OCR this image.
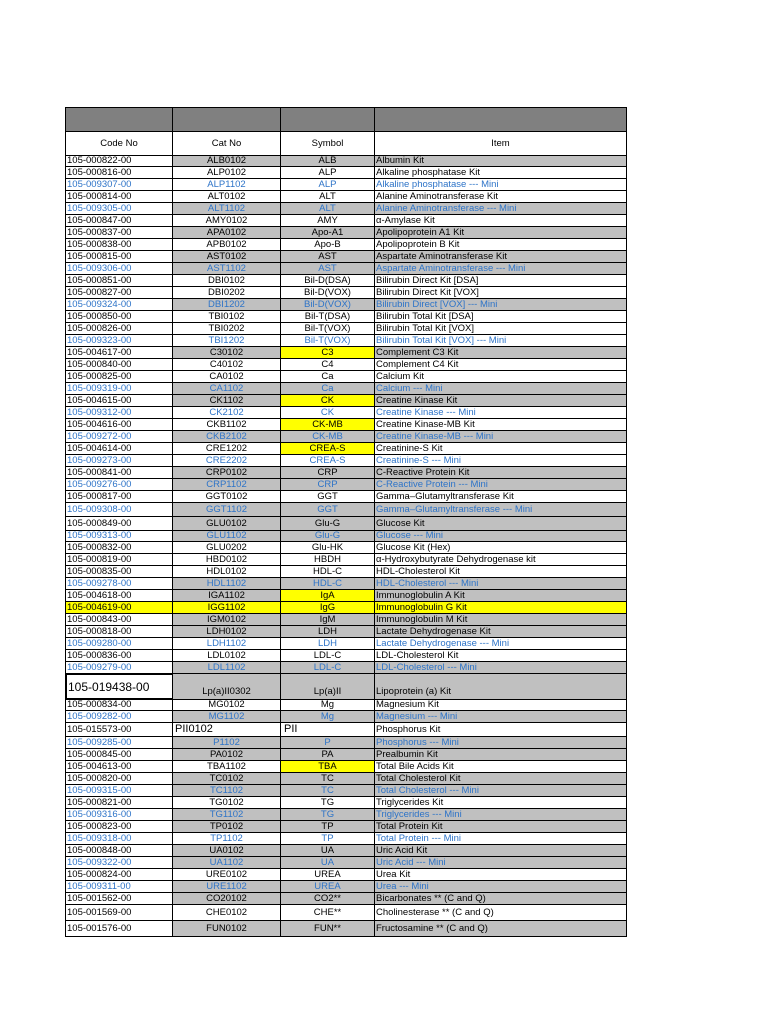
Code No	Cat No	Symbol	Item
105-000822-00	ALB0102	ALB	Albumin Kit
105-000816-00	ALP0102	ALP	Alkaline phosphatase Kit
105-009307-00	ALP1102	ALP	Alkaline phosphatase --- Mini
105-000814-00	ALT0102	ALT	Alanine Aminotransferase Kit
105-009305-00	ALT1102	ALT	Alanine Aminotransferase --- Mini
105-000847-00	AMY0102	AMY	α-Amylase Kit
105-000837-00	APA0102	Apo-A1	Apolipoprotein A1 Kit
105-000838-00	APB0102	Apo-B	Apolipoprotein B Kit
105-000815-00	AST0102	AST	Aspartate Aminotransferase Kit
105-009306-00	AST1102	AST	Aspartate Aminotransferase --- Mini
105-000851-00	DBI0102	Bil-D(DSA)	Bilirubin Direct Kit [DSA]
105-000827-00	DBI0202	Bil-D(VOX)	Bilirubin Direct Kit [VOX]
105-009324-00	DBI1202	Bil-D(VOX)	Bilirubin Direct [VOX] --- Mini
105-000850-00	TBI0102	Bil-T(DSA)	Bilirubin Total Kit [DSA]
105-000826-00	TBI0202	Bil-T(VOX)	Bilirubin Total Kit [VOX]
105-009323-00	TBI1202	Bil-T(VOX)	Bilirubin Total Kit [VOX] --- Mini
105-004617-00	C30102	C3	Complement C3 Kit
105-000840-00	C40102	C4	Complement C4 Kit
105-000825-00	CA0102	Ca	Calcium Kit
105-009319-00	CA1102	Ca	Calcium --- Mini
105-004615-00	CK1102	CK	Creatine Kinase Kit
105-009312-00	CK2102	CK	Creatine Kinase --- Mini
105-004616-00	CKB1102	CK-MB	Creatine Kinase-MB Kit
105-009272-00	CKB2102	CK-MB	Creatine Kinase-MB --- Mini
105-004614-00	CRE1202	CREA-S	Creatinine-S Kit
105-009273-00	CRE2202	CREA-S	Creatinine-S --- Mini
105-000841-00	CRP0102	CRP	C-Reactive Protein Kit
105-009276-00	CRP1102	CRP	C-Reactive Protein --- Mini
105-000817-00	GGT0102	GGT	Gamma–Glutamyltransferase Kit
105-009308-00	GGT1102	GGT	Gamma–Glutamyltransferase --- Mini
105-000849-00	GLU0102	Glu-G	Glucose Kit
105-009313-00	GLU1102	Glu-G	Glucose --- Mini
105-000832-00	GLU0202	Glu-HK	Glucose Kit (Hex)
105-000819-00	HBD0102	HBDH	α-Hydroxybutyrate Dehydrogenase kit
105-000835-00	HDL0102	HDL-C	HDL-Cholesterol Kit
105-009278-00	HDL1102	HDL-C	HDL-Cholesterol --- Mini
105-004618-00	IGA1102	IgA	Immunoglobulin A Kit
105-004619-00	IGG1102	IgG	Immunoglobulin G Kit
105-000843-00	IGM0102	IgM	Immunoglobulin M Kit
105-000818-00	LDH0102	LDH	Lactate Dehydrogenase Kit
105-009280-00	LDH1102	LDH	Lactate Dehydrogenase --- Mini
105-000836-00	LDL0102	LDL-C	LDL-Cholesterol Kit
105-009279-00	LDL1102	LDL-C	LDL-Cholesterol --- Mini
105-019438-00	Lp(a)II0302	Lp(a)II	Lipoprotein (a) Kit
105-000834-00	MG0102	Mg	Magnesium Kit
105-009282-00	MG1102	Mg	Magnesium --- Mini
105-015573-00	PII0102	PII	Phosphorus Kit
105-009285-00	P1102	P	Phosphorus --- Mini
105-000845-00	PA0102	PA	Prealbumin Kit
105-004613-00	TBA1102	TBA	Total Bile Acids Kit
105-000820-00	TC0102	TC	Total Cholesterol Kit
105-009315-00	TC1102	TC	Total Cholesterol --- Mini
105-000821-00	TG0102	TG	Triglycerides Kit
105-009316-00	TG1102	TG	Triglycerides --- Mini
105-000823-00	TP0102	TP	Total Protein Kit
105-009318-00	TP1102	TP	Total Protein --- Mini
105-000848-00	UA0102	UA	Uric Acid Kit
105-009322-00	UA1102	UA	Uric Acid --- Mini
105-000824-00	URE0102	UREA	Urea Kit
105-009311-00	URE1102	UREA	Urea --- Mini
105-001562-00	CO20102	CO2**	Bicarbonates ** (C and Q)
105-001569-00	CHE0102	CHE**	Cholinesterase ** (C and Q)
105-001576-00	FUN0102	FUN**	Fructosamine ** (C and Q)
